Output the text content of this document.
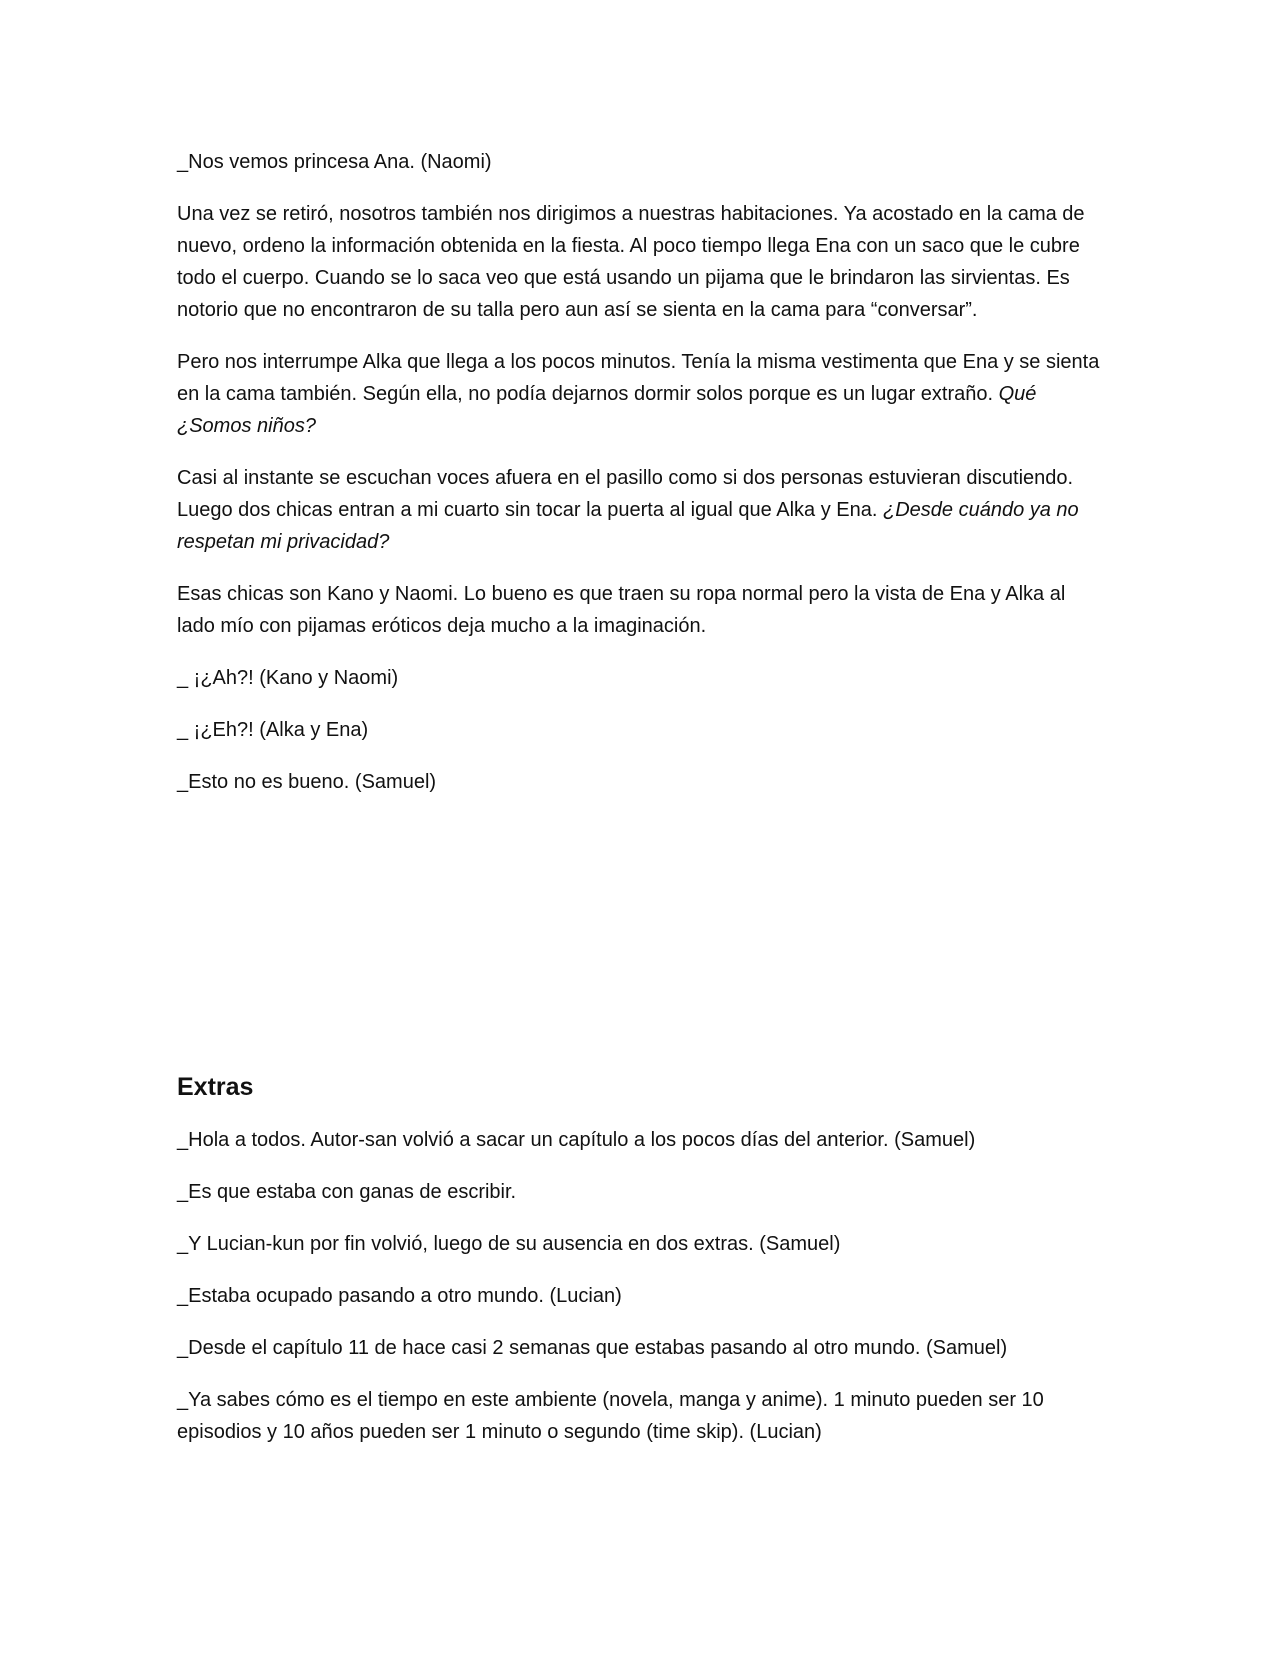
_Nos vemos princesa Ana. (Naomi)

Una vez se retiró, nosotros también nos dirigimos a nuestras habitaciones. Ya acostado en la cama de nuevo, ordeno la información obtenida en la fiesta. Al poco tiempo llega Ena con un saco que le cubre todo el cuerpo. Cuando se lo saca veo que está usando un pijama que le brindaron las sirvientas. Es notorio que no encontraron de su talla pero aun así se sienta en la cama para “conversar”.

Pero nos interrumpe Alka que llega a los pocos minutos. Tenía la misma vestimenta que Ena y se sienta en la cama también. Según ella, no podía dejarnos dormir solos porque es un lugar extraño. Qué ¿Somos niños?

Casi al instante se escuchan voces afuera en el pasillo como si dos personas estuvieran discutiendo. Luego dos chicas entran a mi cuarto sin tocar la puerta al igual que Alka y Ena. ¿Desde cuándo ya no respetan mi privacidad?

Esas chicas son Kano y Naomi. Lo bueno es que traen su ropa normal pero la vista de Ena y Alka al lado mío con pijamas eróticos deja mucho a la imaginación.

_ ¡¿Ah?! (Kano y Naomi)

_ ¡¿Eh?! (Alka y Ena)

_Esto no es bueno. (Samuel)

Extras

_Hola a todos. Autor-san volvió a sacar un capítulo a los pocos días del anterior. (Samuel)

_Es que estaba con ganas de escribir.

_Y Lucian-kun por fin volvió, luego de su ausencia en dos extras. (Samuel)

_Estaba ocupado pasando a otro mundo. (Lucian)

_Desde el capítulo 11 de hace casi 2 semanas que estabas pasando al otro mundo. (Samuel)

_Ya sabes cómo es el tiempo en este ambiente (novela, manga y anime). 1 minuto pueden ser 10 episodios y 10 años pueden ser 1 minuto o segundo (time skip). (Lucian)
